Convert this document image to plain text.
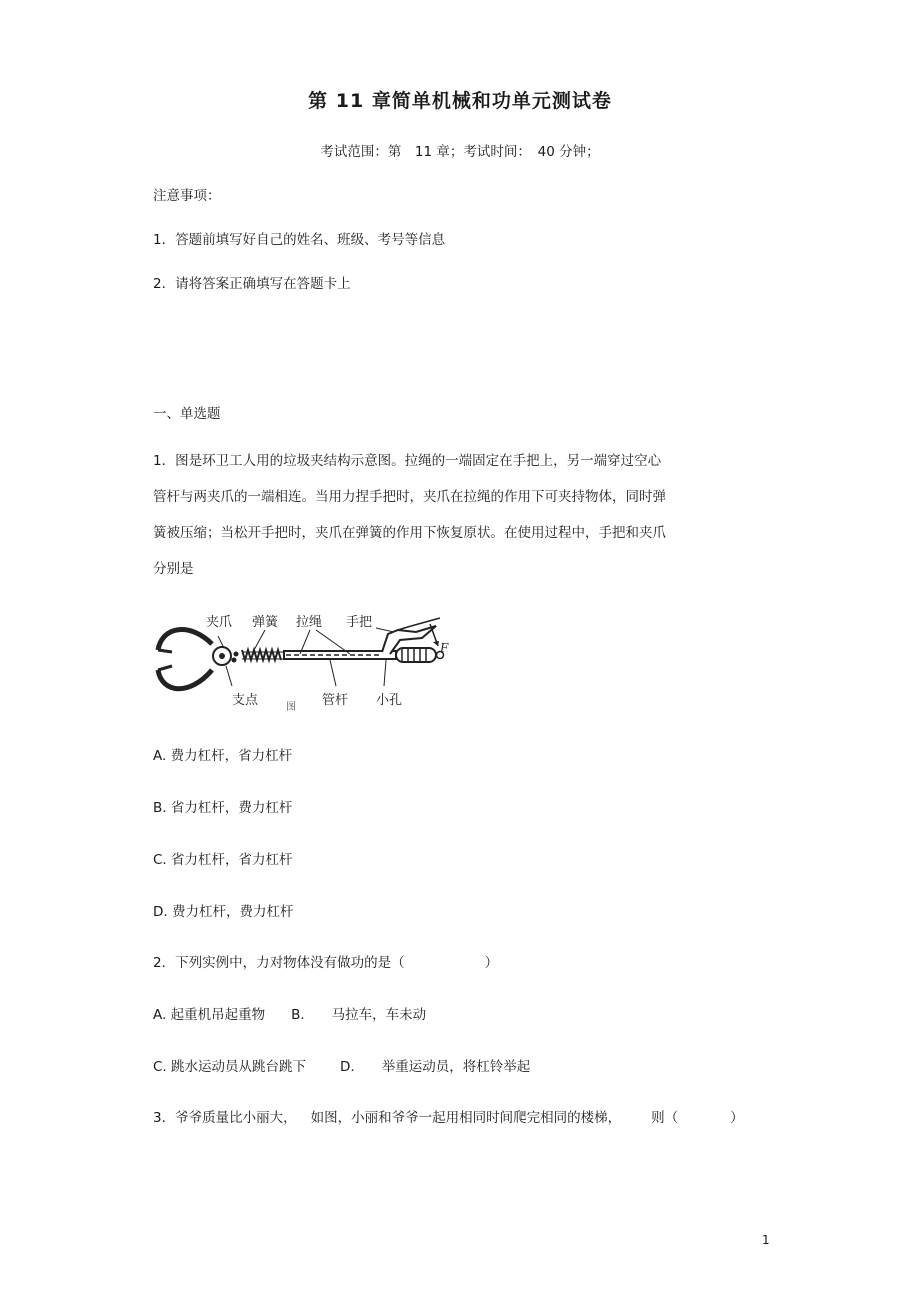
第 11 章简单机械和功单元测试卷
考试范围：第　11 章；考试时间：　40 分钟；
注意事项：
1．答题前填写好自己的姓名、班级、考号等信息
2．请将答案正确填写在答题卡上
一、单选题
1．图是环卫工人用的垃圾夹结构示意图。拉绳的一端固定在手把上，另一端穿过空心
管杆与两夹爪的一端相连。当用力捏手把时，夹爪在拉绳的作用下可夹持物体，同时弹
簧被压缩；当松开手把时，夹爪在弹簧的作用下恢复原状。在使用过程中，手把和夹爪
分别是
夹爪 弹簧 拉绳 手把
F
支点	图 管杆 小孔
A. 费力杠杆，省力杠杆
B. 省力杠杆，费力杠杆
C. 省力杠杆，省力杠杆
D. 费力杠杆，费力杠杆
2．下列实例中，力对物体没有做功的是（	）
A. 起重机吊起重物 B.　　马拉车，车未动
C. 跳水运动员从跳台跳下	D.　　举重运动员，将杠铃举起
3．爷爷质量比小丽大， 如图，小丽和爷爷一起用相同时间爬完相同的楼梯， 则（	）
1
